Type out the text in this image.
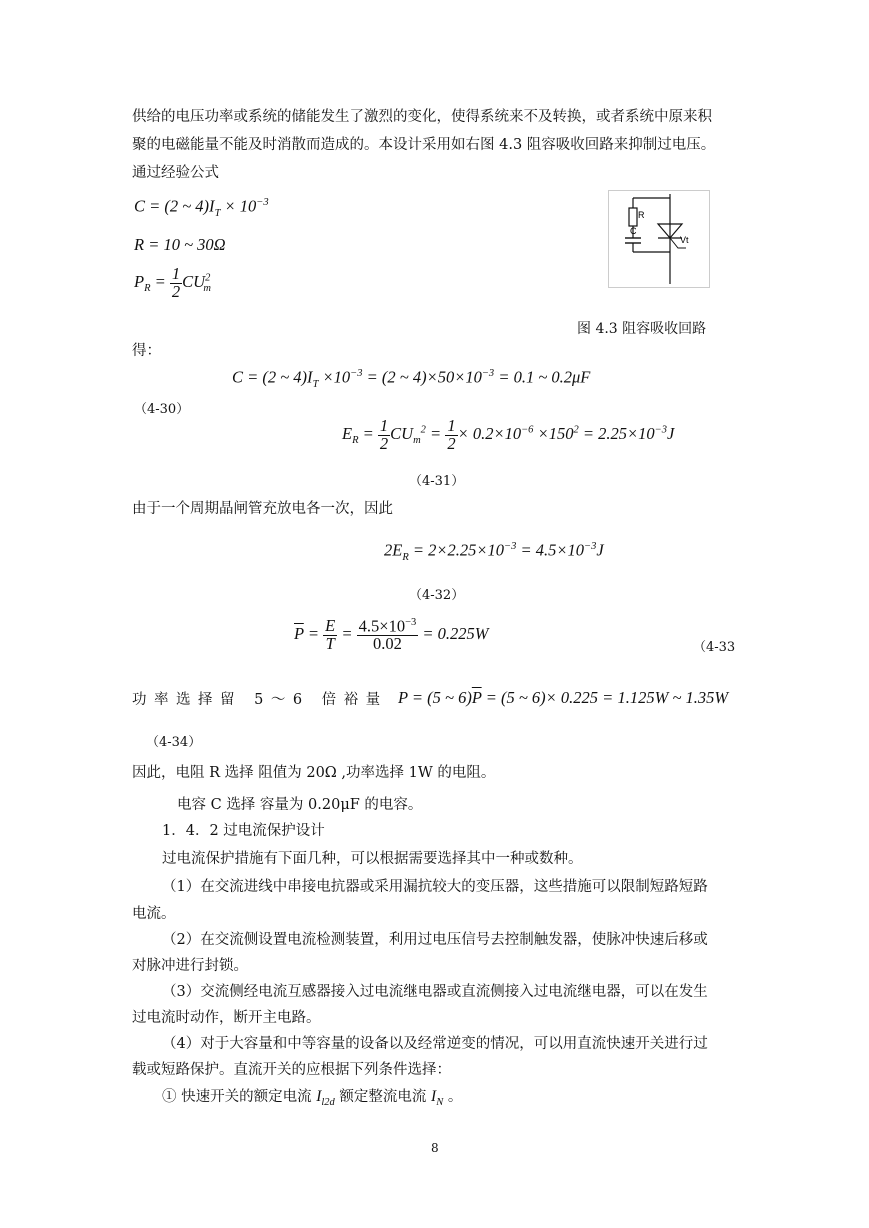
供给的电压功率或系统的储能发生了激烈的变化，使得系统来不及转换，或者系统中原来积
聚的电磁能量不能及时消散而造成的。本设计采用如右图 4.3 阻容吸收回路来抑制过电压。
通过经验公式
C = (2 ~ $4)I_T \times 10^{-3}$
R = 10 ~ 30Ω
$P_R = \frac{1}{2} CU^2_m$
R
C
Vt
图 4.3 阻容吸收回路
得：
C = (2 ~ $4)I_T \times 10^{-3} = (2$ ~ $4)\times 50\times 10^{-3} = 0.1$ ~ 0.2μF
（4-30）
$E_R = \frac{1}{2} CU_m^2 = \frac{1}{2} \times 0.2\times 10^{-6} \times 150^2 = 2.25\times 10^{-3}J$
（4-31）
由于一个周期晶闸管充放电各一次，因此
$2E_R = 2\times 2.25\times 10^{-3} = 4.5\times 10^{-3}J$
（4-32）
$\overline{P} = \frac{E}{T} = \frac{4.5\times 10^{-3}}{0.02} = 0.225W$
（4-33
功率选择留 5～6 倍裕量 P = (5 ~ $6)\overline{P} = (5$ ~ 6)× 0.225 = 1.125W ~ 1.35W
（4-34）
因此，电阻 R 选择 阻值为 20Ω ,功率选择 1W 的电阻。
电容 C 选择 容量为 0.20μF 的电容。
1．4．2 过电流保护设计
过电流保护措施有下面几种，可以根据需要选择其中一种或数种。
（1）在交流进线中串接电抗器或采用漏抗较大的变压器，这些措施可以限制短路短路
电流。
（2）在交流侧设置电流检测装置，利用过电压信号去控制触发器，使脉冲快速后移或
对脉冲进行封锁。
（3）交流侧经电流互感器接入过电流继电器或直流侧接入过电流继电器，可以在发生
过电流时动作，断开主电路。
（4）对于大容量和中等容量的设备以及经常逆变的情况，可以用直流快速开关进行过
载或短路保护。直流开关的应根据下列条件选择：
① 快速开关的额定电流 $I_{l2d}$ 额定整流电流 $I_N$ 。
8
